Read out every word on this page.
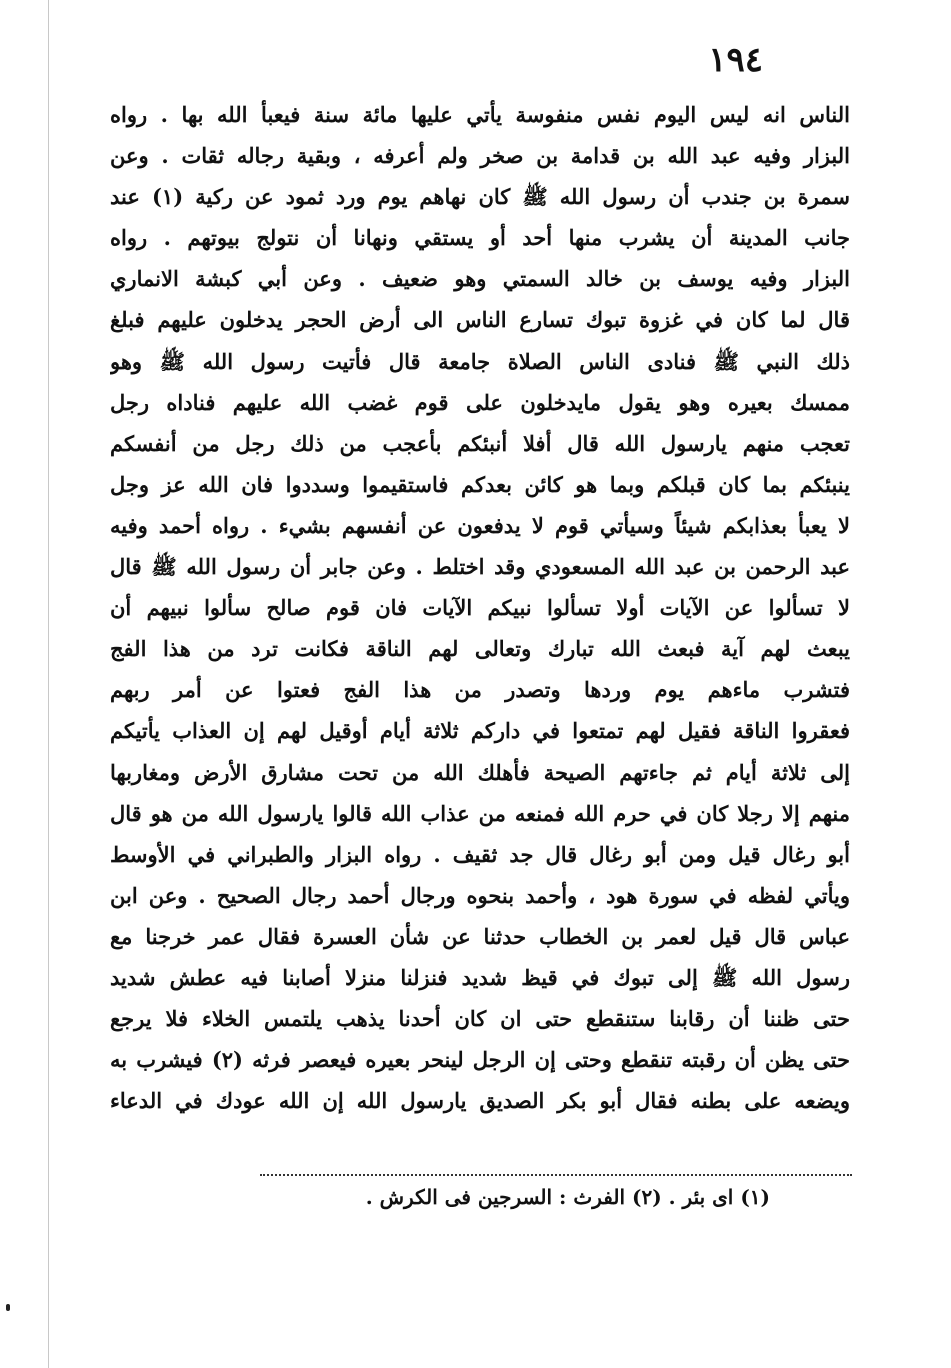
١٩٤
الناس انه ليس اليوم نفس منفوسة يأتي عليها مائة سنة فيعبأ الله بها . رواه
البزار وفيه عبد الله بن قدامة بن صخر ولم أعرفه ، وبقية رجاله ثقات . وعن
سمرة بن جندب أن رسول الله ﷺ كان نهاهم يوم ورد ثمود عن ركية (١) عند
جانب المدينة أن يشرب منها أحد أو يستقي ونهانا أن نتولج بيوتهم . رواه
البزار وفيه يوسف بن خالد السمتي وهو ضعيف . وعن أبي كبشة الانماري
قال لما كان في غزوة تبوك تسارع الناس الى أرض الحجر يدخلون عليهم فبلغ
ذلك النبي ﷺ فنادى الناس الصلاة جامعة قال فأتيت رسول الله ﷺ وهو
ممسك بعيره وهو يقول مايدخلون على قوم غضب الله عليهم فناداه رجل
تعجب منهم يارسول الله قال أفلا أنبئكم بأعجب من ذلك رجل من أنفسكم
ينبئكم بما كان قبلكم وبما هو كائن بعدكم فاستقيموا وسددوا فان الله عز وجل
لا يعبأ بعذابكم شيئاً وسيأتي قوم لا يدفعون عن أنفسهم بشيء . رواه أحمد وفيه
عبد الرحمن بن عبد الله المسعودي وقد اختلط . وعن جابر أن رسول الله ﷺ قال
لا تسألوا عن الآيات أولا تسألوا نبيكم الآيات فان قوم صالح سألوا نبيهم أن
يبعث لهم آية فبعث الله تبارك وتعالى لهم الناقة فكانت ترد من هذا الفج
فتشرب ماءهم يوم وردها وتصدر من هذا الفج فعتوا عن أمر ربهم
فعقروا الناقة فقيل لهم تمتعوا في داركم ثلاثة أيام أوقيل لهم إن العذاب يأتيكم
إلى ثلاثة أيام ثم جاءتهم الصيحة فأهلك الله من تحت مشارق الأرض ومغاربها
منهم إلا رجلا كان في حرم الله فمنعه من عذاب الله قالوا يارسول الله من هو قال
أبو رغال قيل ومن أبو رغال قال جد ثقيف . رواه البزار والطبراني في الأوسط
ويأتي لفظه في سورة هود ، وأحمد بنحوه ورجال أحمد رجال الصحيح . وعن ابن
عباس قال قيل لعمر بن الخطاب حدثنا عن شأن العسرة فقال عمر خرجنا مع
رسول الله ﷺ إلى تبوك في قيظ شديد فنزلنا منزلا أصابنا فيه عطش شديد
حتى ظننا أن رقابنا ستنقطع حتى ان كان أحدنا يذهب يلتمس الخلاء فلا يرجع
حتى يظن أن رقبته تنقطع وحتى إن الرجل لينحر بعيره فيعصر فرثه (٢) فيشرب به
ويضعه على بطنه فقال أبو بكر الصديق يارسول الله إن الله عودك في الدعاء
(١) اى بئر . (٢) الفرث : السرجين فى الكرش .
